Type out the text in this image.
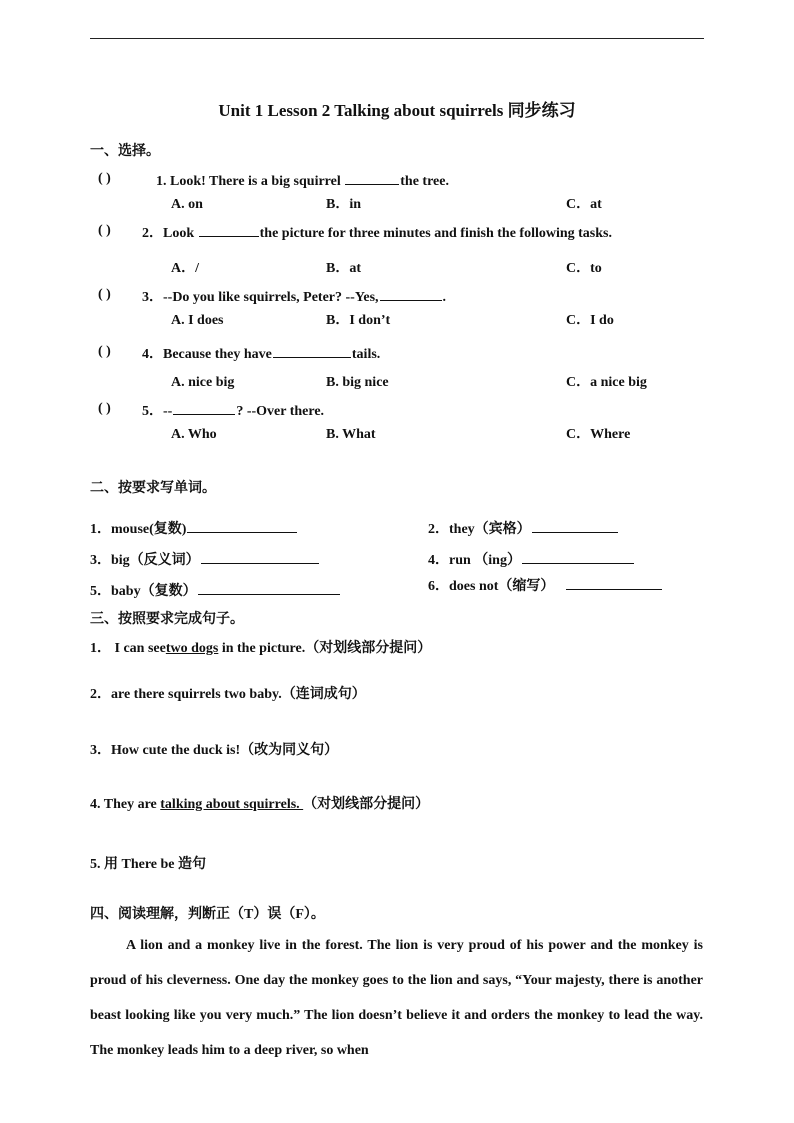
Unit 1 Lesson 2 Talking about squirrels 同步练习
一、选择。
( )	1. Look! There is a big squirrel	the tree.
A. on	B．in	C．at
( ) 2．Look	the picture for three minutes and finish the following tasks.
A．/	B．at	C．to
( ) 3．--Do you like squirrels, Peter? --Yes,	.
A. I does	B．I don’t	C．I do
( ) 4．Because they have	tails.
A. nice big	B. big nice	C．a nice big
( ) 5．--	? --Over there.
A. Who	B. What	C．Where
二、按要求写单词。
1．mouse(复数)	2．they（宾格）
3．big（反义词）	4．run （ing）
5．baby（复数）	6．does not（缩写）
三、按照要求完成句子。
1． I can seetwo dogs in the picture.（对划线部分提问）
2．are there squirrels two baby.（连词成句）
3．How cute the duck is!（改为同义句）
4. They are talking about squirrels. （对划线部分提问）
5. 用 There be 造句
四、阅读理解，判断正（T）误（F）。

A lion and a monkey live in the forest. The lion is very proud of his power and the monkey is proud of his cleverness. One day the monkey goes to the lion and says, “Your majesty, there is another beast looking like you very much.” The lion doesn’t believe it and orders the monkey to lead the way. The monkey leads him to a deep river, so when
